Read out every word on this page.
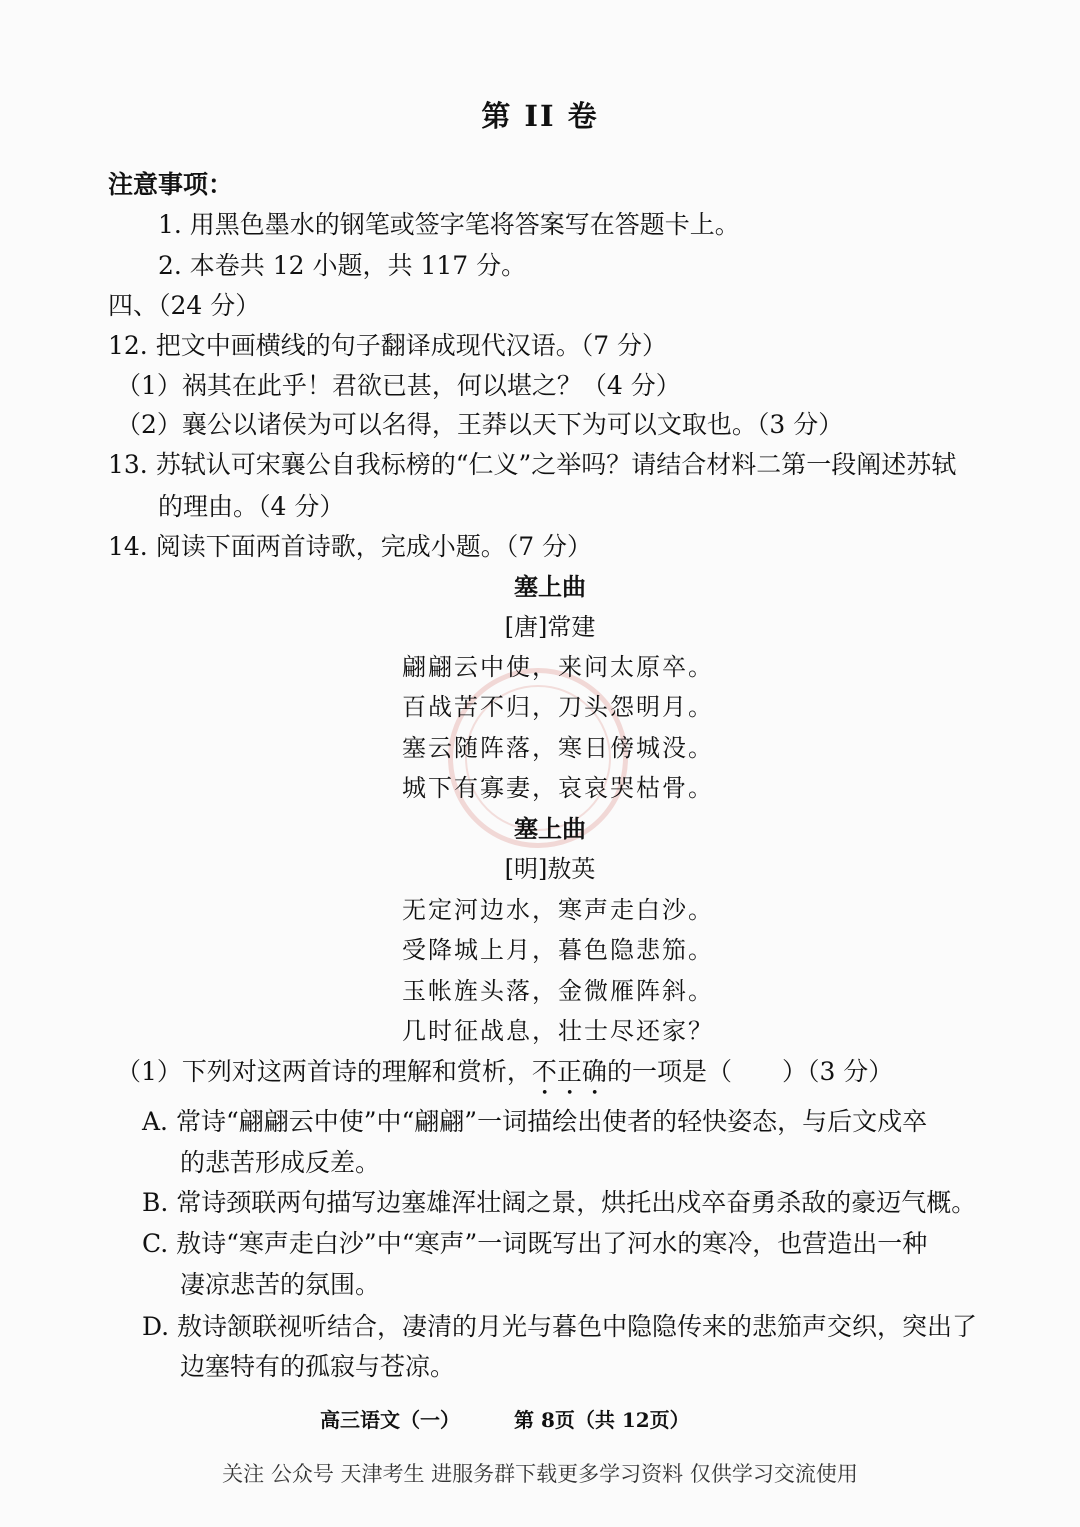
第 II 卷
注意事项：
1. 用黑色墨水的钢笔或签字笔将答案写在答题卡上。
2. 本卷共 12 小题，共 117 分。
四、（24 分）
12. 把文中画横线的句子翻译成现代汉语。（7 分）
（1）祸其在此乎！君欲已甚，何以堪之？（4 分）
（2）襄公以诸侯为可以名得，王莽以天下为可以文取也。（3 分）
13. 苏轼认可宋襄公自我标榜的“仁义”之举吗？请结合材料二第一段阐述苏轼
的理由。（4 分）
14. 阅读下面两首诗歌，完成小题。（7 分）
塞上曲
[唐]常建
翩翩云中使，来问太原卒。
百战苦不归，刀头怨明月。
塞云随阵落，寒日傍城没。
城下有寡妻，哀哀哭枯骨。
塞上曲
[明]敖英
无定河边水，寒声走白沙。
受降城上月，暮色隐悲笳。
玉帐旌头落，金微雁阵斜。
几时征战息，壮士尽还家？
（1）下列对这两首诗的理解和赏析，不正确的一项是（　　）（3 分）
A. 常诗“翩翩云中使”中“翩翩”一词描绘出使者的轻快姿态，与后文戍卒
的悲苦形成反差。
B. 常诗颈联两句描写边塞雄浑壮阔之景，烘托出戍卒奋勇杀敌的豪迈气概。
C. 敖诗“寒声走白沙”中“寒声”一词既写出了河水的寒冷，也营造出一种
凄凉悲苦的氛围。
D. 敖诗颔联视听结合，凄清的月光与暮色中隐隐传来的悲笳声交织，突出了
边塞特有的孤寂与苍凉。
高三语文（一）	第 8页（共 12页）
关注 公众号 天津考生 进服务群下载更多学习资料 仅供学习交流使用
